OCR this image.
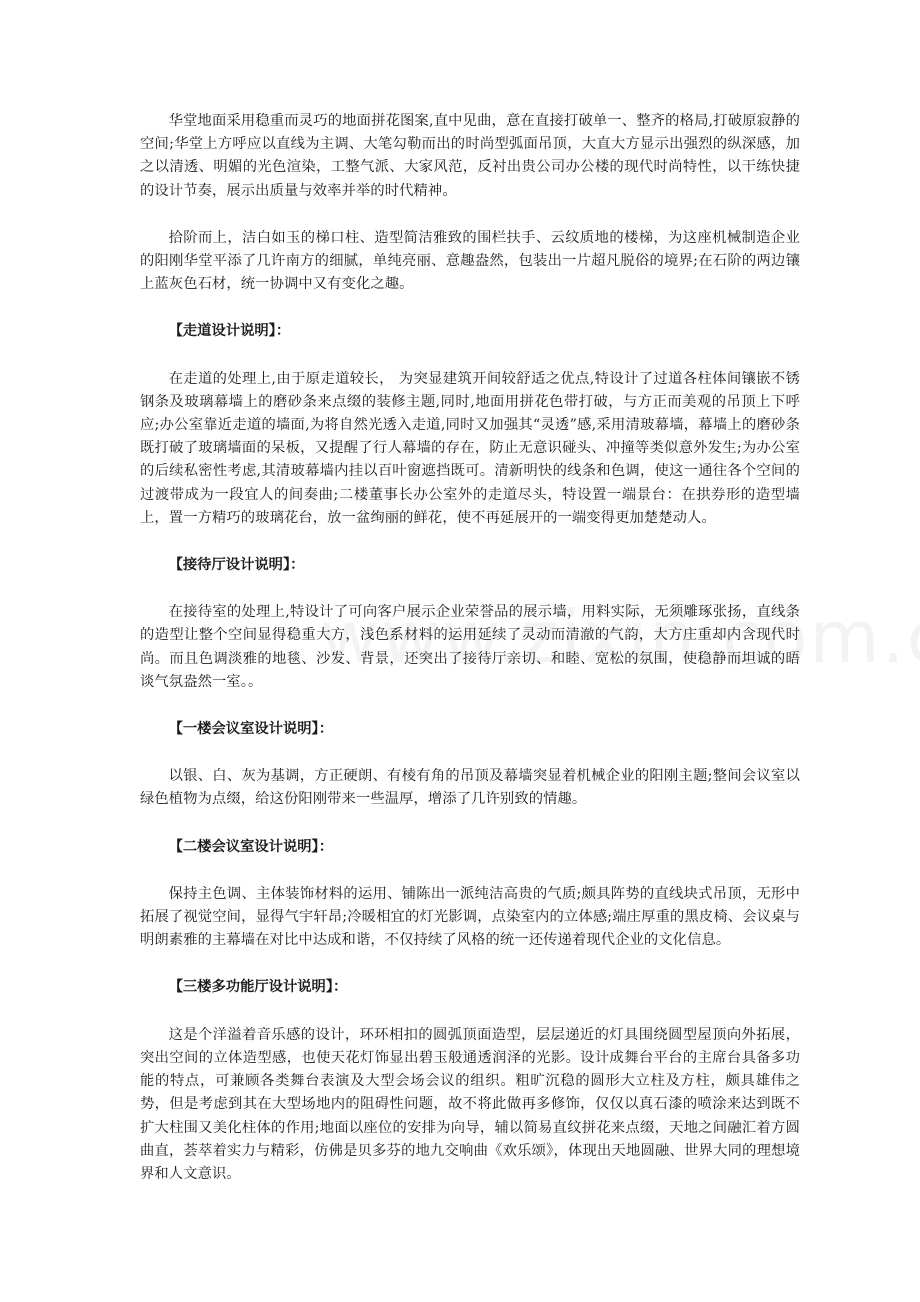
华堂地面采用稳重而灵巧的地面拼花图案,直中见曲，意在直接打破单一、整齐的格局,打破原寂静的空间;华堂上方呼应以直线为主调、大笔勾勒而出的时尚型弧面吊顶，大直大方显示出强烈的纵深感，加之以清透、明媚的光色渲染，工整气派、大家风范，反衬出贵公司办公楼的现代时尚特性，以干练快捷的设计节奏，展示出质量与效率并举的时代精神。

拾阶而上，洁白如玉的梯口柱、造型简洁雅致的围栏扶手、云纹质地的楼梯，为这座机械制造企业的阳刚华堂平添了几许南方的细腻，单纯亮丽、意趣盎然，包装出一片超凡脱俗的境界;在石阶的两边镶上蓝灰色石材，统一协调中又有变化之趣。

【走道设计说明】：

在走道的处理上,由于原走道较长， 为突显建筑开间较舒适之优点,特设计了过道各柱体间镶嵌不锈钢条及玻璃幕墙上的磨砂条来点缀的装修主题,同时,地面用拼花色带打破，与方正而美观的吊顶上下呼应;办公室靠近走道的墙面,为将自然光透入走道,同时又加强其“灵透”感,采用清玻幕墙，幕墙上的磨砂条既打破了玻璃墙面的呆板，又提醒了行人幕墙的存在，防止无意识碰头、冲撞等类似意外发生;为办公室的后续私密性考虑,其清玻幕墙内挂以百叶窗遮挡既可。清新明快的线条和色调，使这一通往各个空间的过渡带成为一段宜人的间奏曲;二楼董事长办公室外的走道尽头，特设置一端景台：在拱券形的造型墙上，置一方精巧的玻璃花台，放一盆绚丽的鲜花，使不再延展开的一端变得更加楚楚动人。

【接待厅设计说明】：

在接待室的处理上,特设计了可向客户展示企业荣誉品的展示墙，用料实际，无须雕琢张扬，直线条的造型让整个空间显得稳重大方，浅色系材料的运用延续了灵动而清澈的气韵，大方庄重却内含现代时尚。而且色调淡雅的地毯、沙发、背景，还突出了接待厅亲切、和睦、宽松的氛围，使稳静而坦诚的晤谈气氛盎然一室。。

【一楼会议室设计说明】：

以银、白、灰为基调，方正硬朗、有棱有角的吊顶及幕墙突显着机械企业的阳刚主题;整间会议室以绿色植物为点缀，给这份阳刚带来一些温厚，增添了几许别致的情趣。

【二楼会议室设计说明】：

保持主色调、主体装饰材料的运用、铺陈出一派纯洁高贵的气质;颇具阵势的直线块式吊顶，无形中拓展了视觉空间，显得气宇轩昂;冷暖相宜的灯光影调，点染室内的立体感;端庄厚重的黑皮椅、会议桌与明朗素雅的主幕墙在对比中达成和谐，不仅持续了风格的统一还传递着现代企业的文化信息。

【三楼多功能厅设计说明】：

这是个洋溢着音乐感的设计，环环相扣的圆弧顶面造型，层层递近的灯具围绕圆型屋顶向外拓展，突出空间的立体造型感，也使天花灯饰显出碧玉般通透润泽的光影。设计成舞台平台的主席台具备多功能的特点，可兼顾各类舞台表演及大型会场会议的组织。粗旷沉稳的圆形大立柱及方柱，颇具雄伟之势，但是考虑到其在大型场地内的阻碍性问题，故不将此做再多修饰，仅仅以真石漆的喷涂来达到既不扩大柱围又美化柱体的作用;地面以座位的安排为向导，辅以简易直纹拼花来点缀，天地之间融汇着方圆曲直，荟萃着实力与精彩，仿佛是贝多芬的地九交响曲《欢乐颂》，体现出天地圆融、世界大同的理想境界和人文意识。
